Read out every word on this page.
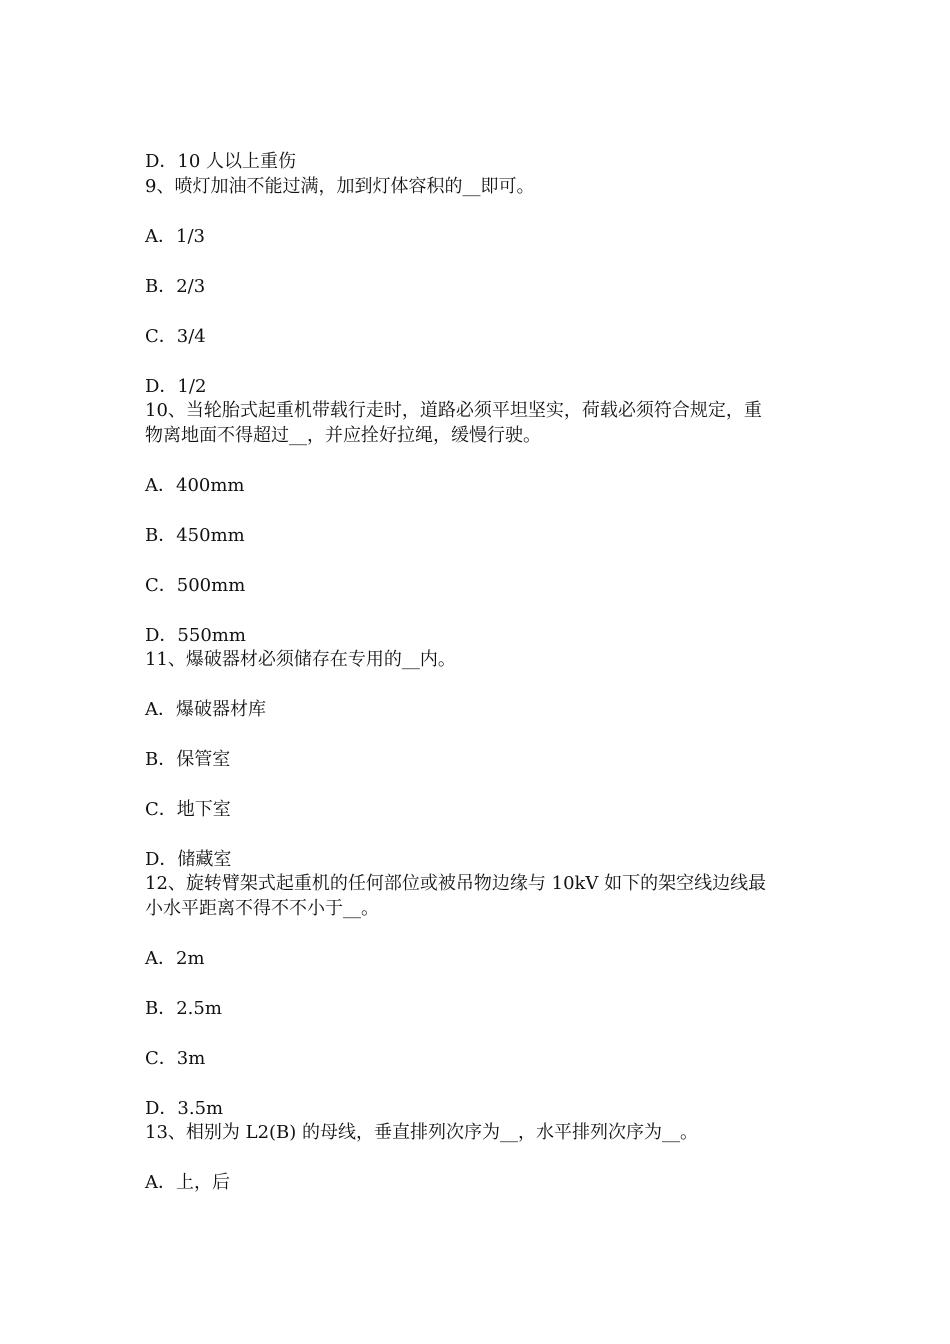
D．10 人以上重伤
9、喷灯加油不能过满，加到灯体容积的__即可。
A．1/3
B．2/3
C．3/4
D．1/2
10、当轮胎式起重机带载行走时，道路必须平坦坚实，荷载必须符合规定，重
物离地面不得超过__，并应拴好拉绳，缓慢行驶。
A．400mm
B．450mm
C．500mm
D．550mm
11、爆破器材必须储存在专用的__内。
A．爆破器材库
B．保管室
C．地下室
D．储藏室
12、旋转臂架式起重机的任何部位或被吊物边缘与 10kV 如下的架空线边线最
小水平距离不得不不小于__。
A．2m
B．2.5m
C．3m
D．3.5m
13、相别为 L2(B) 的母线，垂直排列次序为__，水平排列次序为__。
A．上，后
